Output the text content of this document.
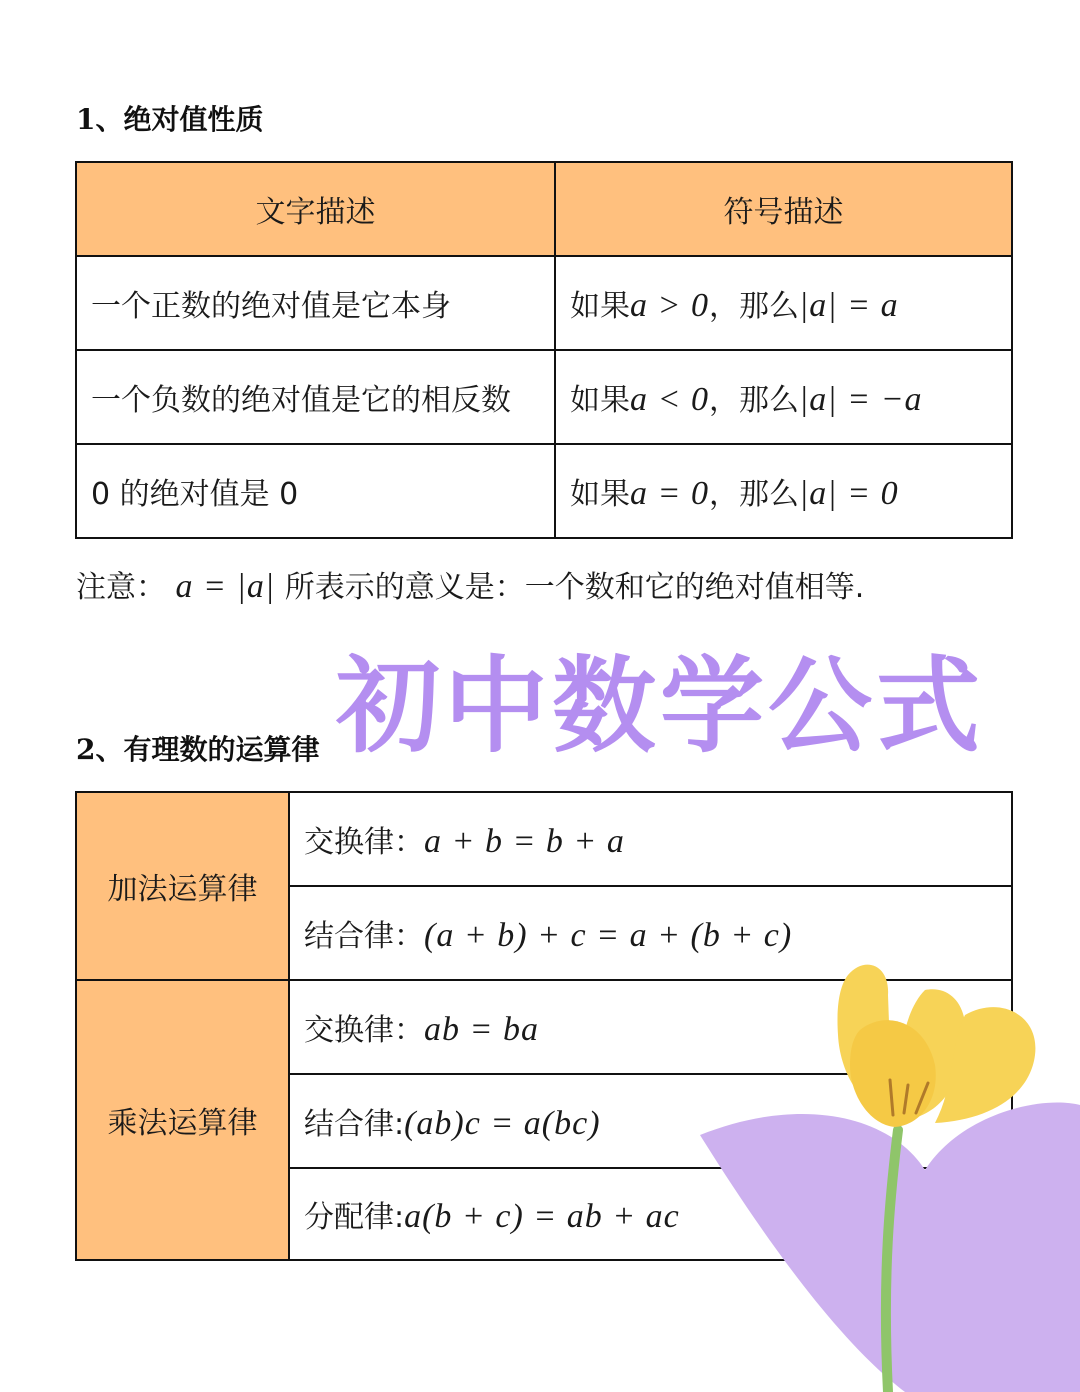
1、绝对值性质
文字描述	符号描述
一个正数的绝对值是它本身	如果a > 0，那么|a| = a
一个负数的绝对值是它的相反数	如果a < 0，那么|a| = −a
0 的绝对值是 0	如果a = 0，那么|a| = 0
注意： a = |a| 所表示的意义是：一个数和它的绝对值相等.
2、有理数的运算律
加法运算律	交换律：a + b = b + a
	结合律：(a + b) + c = a + (b + c)
乘法运算律	交换律：ab = ba
	结合律:(ab)c = a(bc)
	分配律:a(b + c) = ab + ac
初中数学公式
